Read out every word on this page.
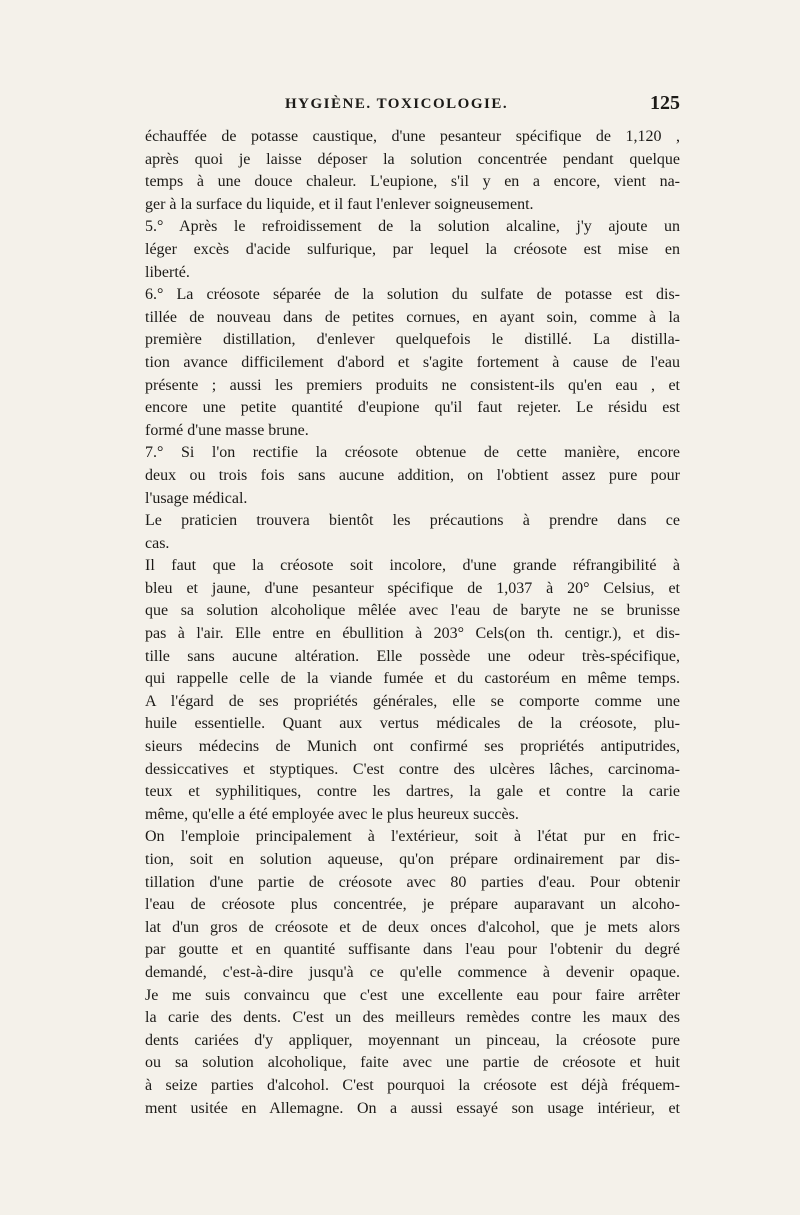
HYGIÈNE. TOXICOLOGIE.	125
échauffée de potasse caustique, d'une pesanteur spécifique de 1,120 ,
après quoi je laisse déposer la solution concentrée pendant quelque
temps à une douce chaleur. L'eupione, s'il y en a encore, vient na-
ger à la surface du liquide, et il faut l'enlever soigneusement.
5.° Après le refroidissement de la solution alcaline, j'y ajoute un
léger excès d'acide sulfurique, par lequel la créosote est mise en
liberté.
6.° La créosote séparée de la solution du sulfate de potasse est dis-
tillée de nouveau dans de petites cornues, en ayant soin, comme à la
première distillation, d'enlever quelquefois le distillé. La distilla-
tion avance difficilement d'abord et s'agite fortement à cause de l'eau
présente ; aussi les premiers produits ne consistent-ils qu'en eau , et
encore une petite quantité d'eupione qu'il faut rejeter. Le résidu est
formé d'une masse brune.
7.° Si l'on rectifie la créosote obtenue de cette manière, encore
deux ou trois fois sans aucune addition, on l'obtient assez pure pour
l'usage médical.
Le praticien trouvera bientôt les précautions à prendre dans ce
cas.
Il faut que la créosote soit incolore, d'une grande réfrangibilité à
bleu et jaune, d'une pesanteur spécifique de 1,037 à 20° Celsius, et
que sa solution alcoholique mêlée avec l'eau de baryte ne se brunisse
pas à l'air. Elle entre en ébullition à 203° Cels(on th. centigr.), et dis-
tille sans aucune altération. Elle possède une odeur très-spécifique,
qui rappelle celle de la viande fumée et du castoréum en même temps.
A l'égard de ses propriétés générales, elle se comporte comme une
huile essentielle. Quant aux vertus médicales de la créosote, plu-
sieurs médecins de Munich ont confirmé ses propriétés antiputrides,
dessiccatives et styptiques. C'est contre des ulcères lâches, carcinoma-
teux et syphilitiques, contre les dartres, la gale et contre la carie
même, qu'elle a été employée avec le plus heureux succès.
On l'emploie principalement à l'extérieur, soit à l'état pur en fric-
tion, soit en solution aqueuse, qu'on prépare ordinairement par dis-
tillation d'une partie de créosote avec 80 parties d'eau. Pour obtenir
l'eau de créosote plus concentrée, je prépare auparavant un alcoho-
lat d'un gros de créosote et de deux onces d'alcohol, que je mets alors
par goutte et en quantité suffisante dans l'eau pour l'obtenir du degré
demandé, c'est-à-dire jusqu'à ce qu'elle commence à devenir opaque.
Je me suis convaincu que c'est une excellente eau pour faire arrêter
la carie des dents. C'est un des meilleurs remèdes contre les maux des
dents cariées d'y appliquer, moyennant un pinceau, la créosote pure
ou sa solution alcoholique, faite avec une partie de créosote et huit
à seize parties d'alcohol. C'est pourquoi la créosote est déjà fréquem-
ment usitée en Allemagne. On a aussi essayé son usage intérieur, et
